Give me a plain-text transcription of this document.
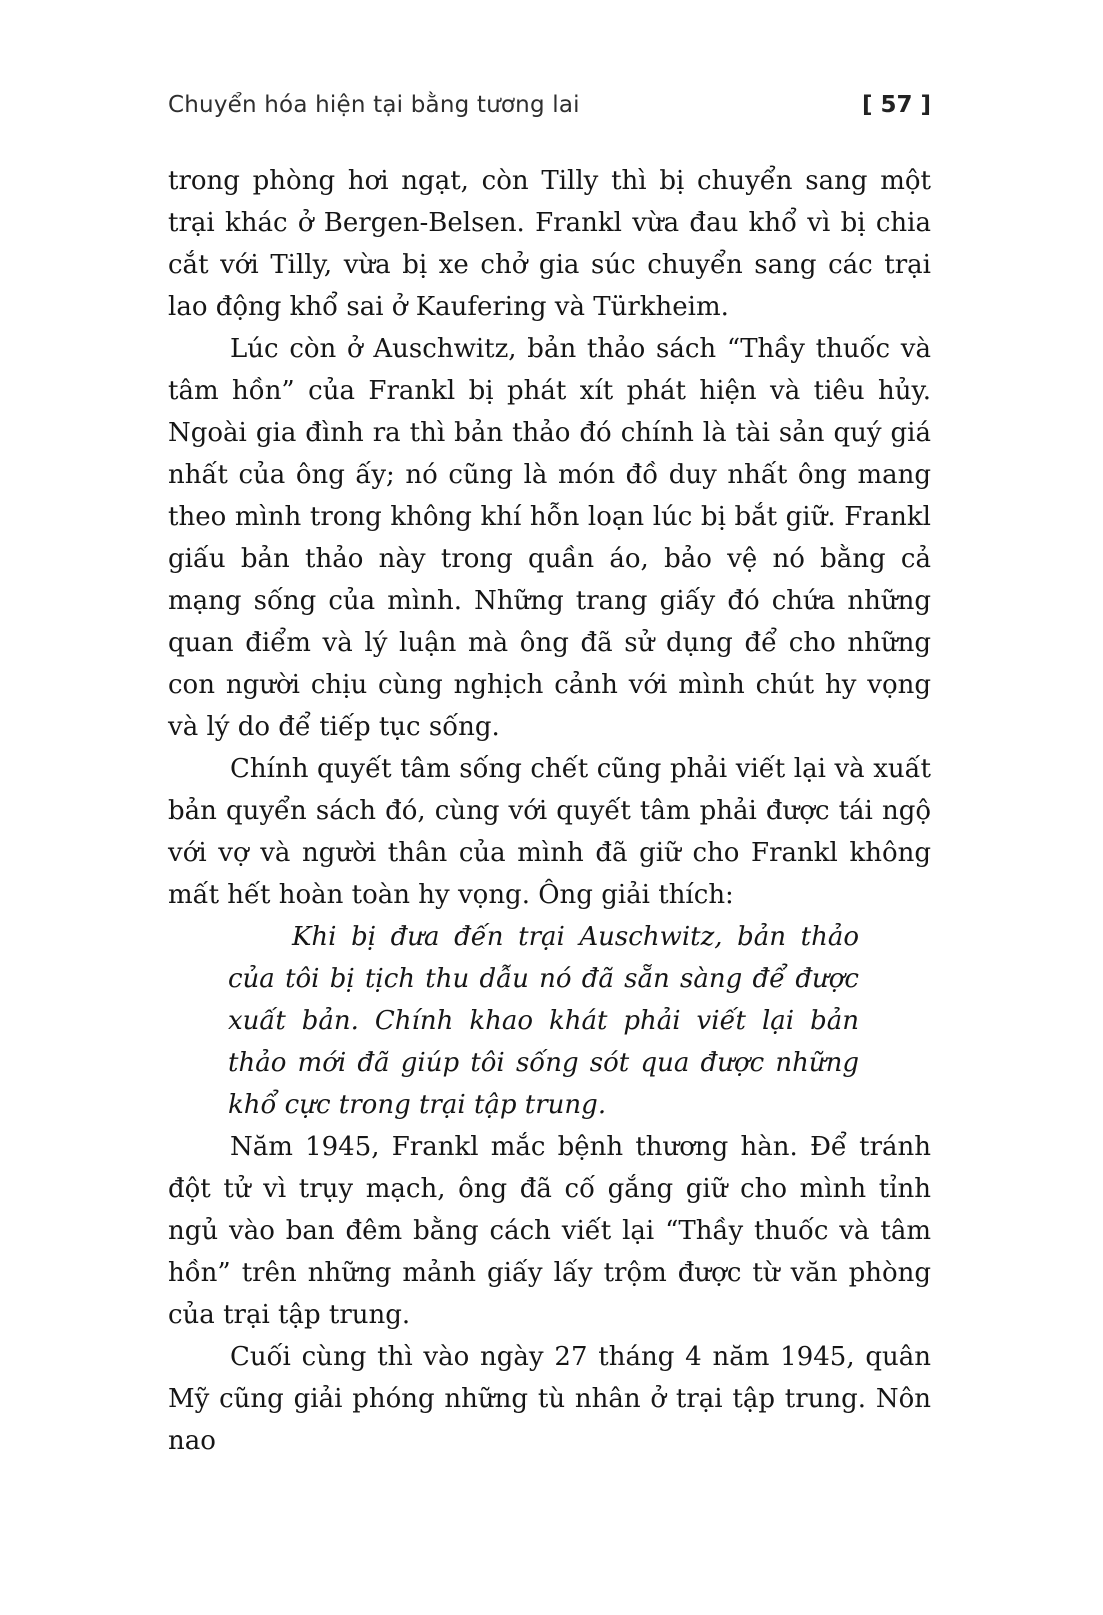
Chuyển hóa hiện tại bằng tương lai	[ 57 ]

trong phòng hơi ngạt, còn Tilly thì bị chuyển sang một trại khác ở Bergen-Belsen. Frankl vừa đau khổ vì bị chia cắt với Tilly, vừa bị xe chở gia súc chuyển sang các trại lao động khổ sai ở Kaufering và Türkheim.

Lúc còn ở Auschwitz, bản thảo sách “Thầy thuốc và tâm hồn” của Frankl bị phát xít phát hiện và tiêu hủy. Ngoài gia đình ra thì bản thảo đó chính là tài sản quý giá nhất của ông ấy; nó cũng là món đồ duy nhất ông mang theo mình trong không khí hỗn loạn lúc bị bắt giữ. Frankl giấu bản thảo này trong quần áo, bảo vệ nó bằng cả mạng sống của mình. Những trang giấy đó chứa những quan điểm và lý luận mà ông đã sử dụng để cho những con người chịu cùng nghịch cảnh với mình chút hy vọng và lý do để tiếp tục sống.

Chính quyết tâm sống chết cũng phải viết lại và xuất bản quyển sách đó, cùng với quyết tâm phải được tái ngộ với vợ và người thân của mình đã giữ cho Frankl không mất hết hoàn toàn hy vọng. Ông giải thích:

Khi bị đưa đến trại Auschwitz, bản thảo của tôi bị tịch thu dẫu nó đã sẵn sàng để được xuất bản. Chính khao khát phải viết lại bản thảo mới đã giúp tôi sống sót qua được những khổ cực trong trại tập trung.

Năm 1945, Frankl mắc bệnh thương hàn. Để tránh đột tử vì trụy mạch, ông đã cố gắng giữ cho mình tỉnh ngủ vào ban đêm bằng cách viết lại “Thầy thuốc và tâm hồn” trên những mảnh giấy lấy trộm được từ văn phòng của trại tập trung.

Cuối cùng thì vào ngày 27 tháng 4 năm 1945, quân Mỹ cũng giải phóng những tù nhân ở trại tập trung. Nôn nao
